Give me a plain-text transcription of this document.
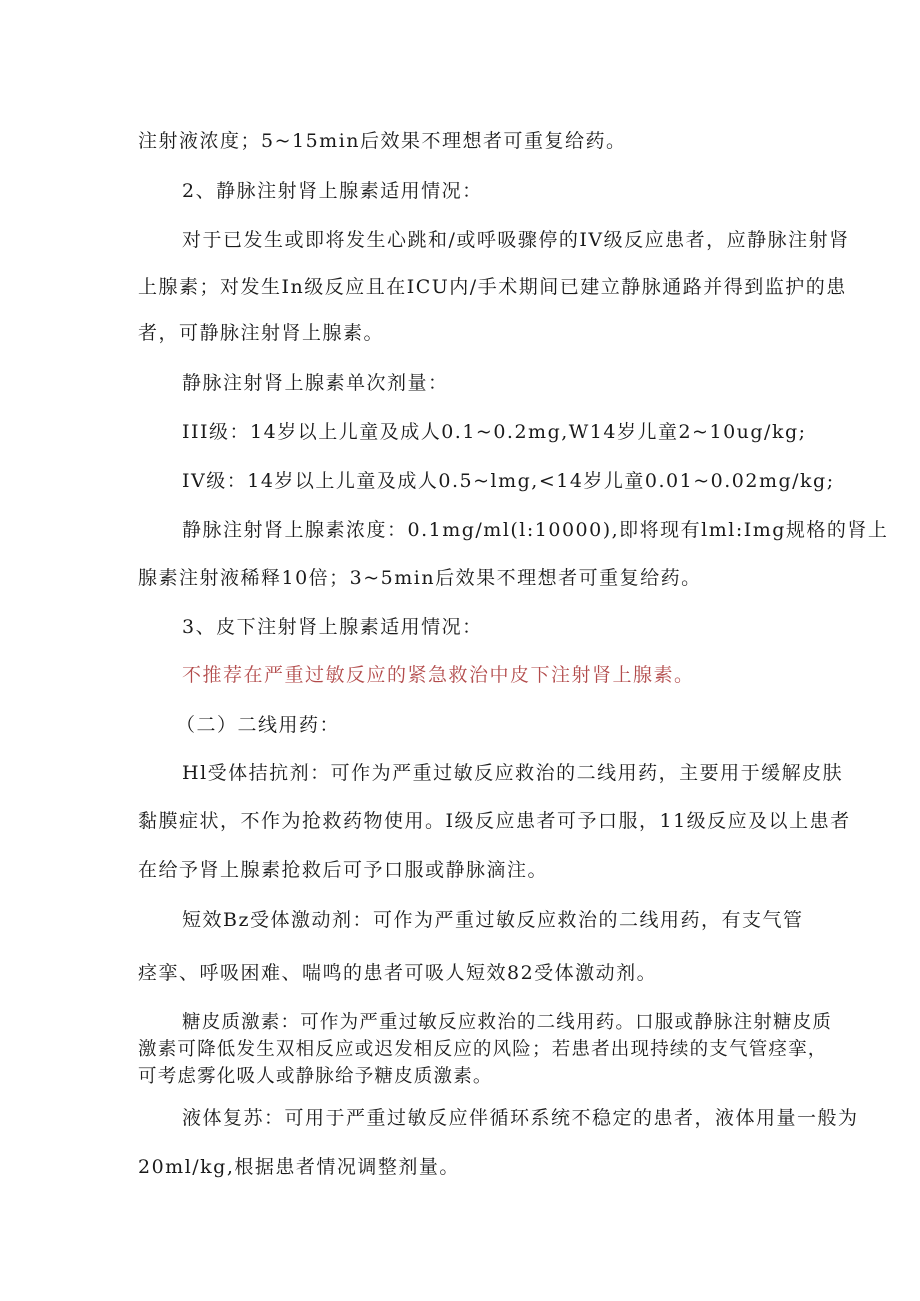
注射液浓度；5~15min后效果不理想者可重复给药。
2、静脉注射肾上腺素适用情况：
对于已发生或即将发生心跳和/或呼吸骤停的IV级反应患者，应静脉注射肾
上腺素；对发生In级反应且在ICU内/手术期间已建立静脉通路并得到监护的患
者，可静脉注射肾上腺素。
静脉注射肾上腺素单次剂量：
III级：14岁以上儿童及成人0.1~0.2mg,W14岁儿童2~10ug/kg;
IV级：14岁以上儿童及成人0.5~lmg,<14岁儿童0.01~0.02mg/kg;
静脉注射肾上腺素浓度：0.1mg/ml(l:10000),即将现有lml:Img规格的肾上
腺素注射液稀释10倍；3~5min后效果不理想者可重复给药。
3、皮下注射肾上腺素适用情况：
不推荐在严重过敏反应的紧急救治中皮下注射肾上腺素。
（二）二线用药：
Hl受体拮抗剂：可作为严重过敏反应救治的二线用药，主要用于缓解皮肤
黏膜症状，不作为抢救药物使用。I级反应患者可予口服，11级反应及以上患者
在给予肾上腺素抢救后可予口服或静脉滴注。
短效Bz受体激动剂：可作为严重过敏反应救治的二线用药，有支气管
痉挛、呼吸困难、喘鸣的患者可吸人短效82受体激动剂。
糖皮质激素：可作为严重过敏反应救治的二线用药。口服或静脉注射糖皮质
激素可降低发生双相反应或迟发相反应的风险；若患者出现持续的支气管痉挛，
可考虑雾化吸人或静脉给予糖皮质激素。
液体复苏：可用于严重过敏反应伴循环系统不稳定的患者，液体用量一般为
20ml/kg,根据患者情况调整剂量。
